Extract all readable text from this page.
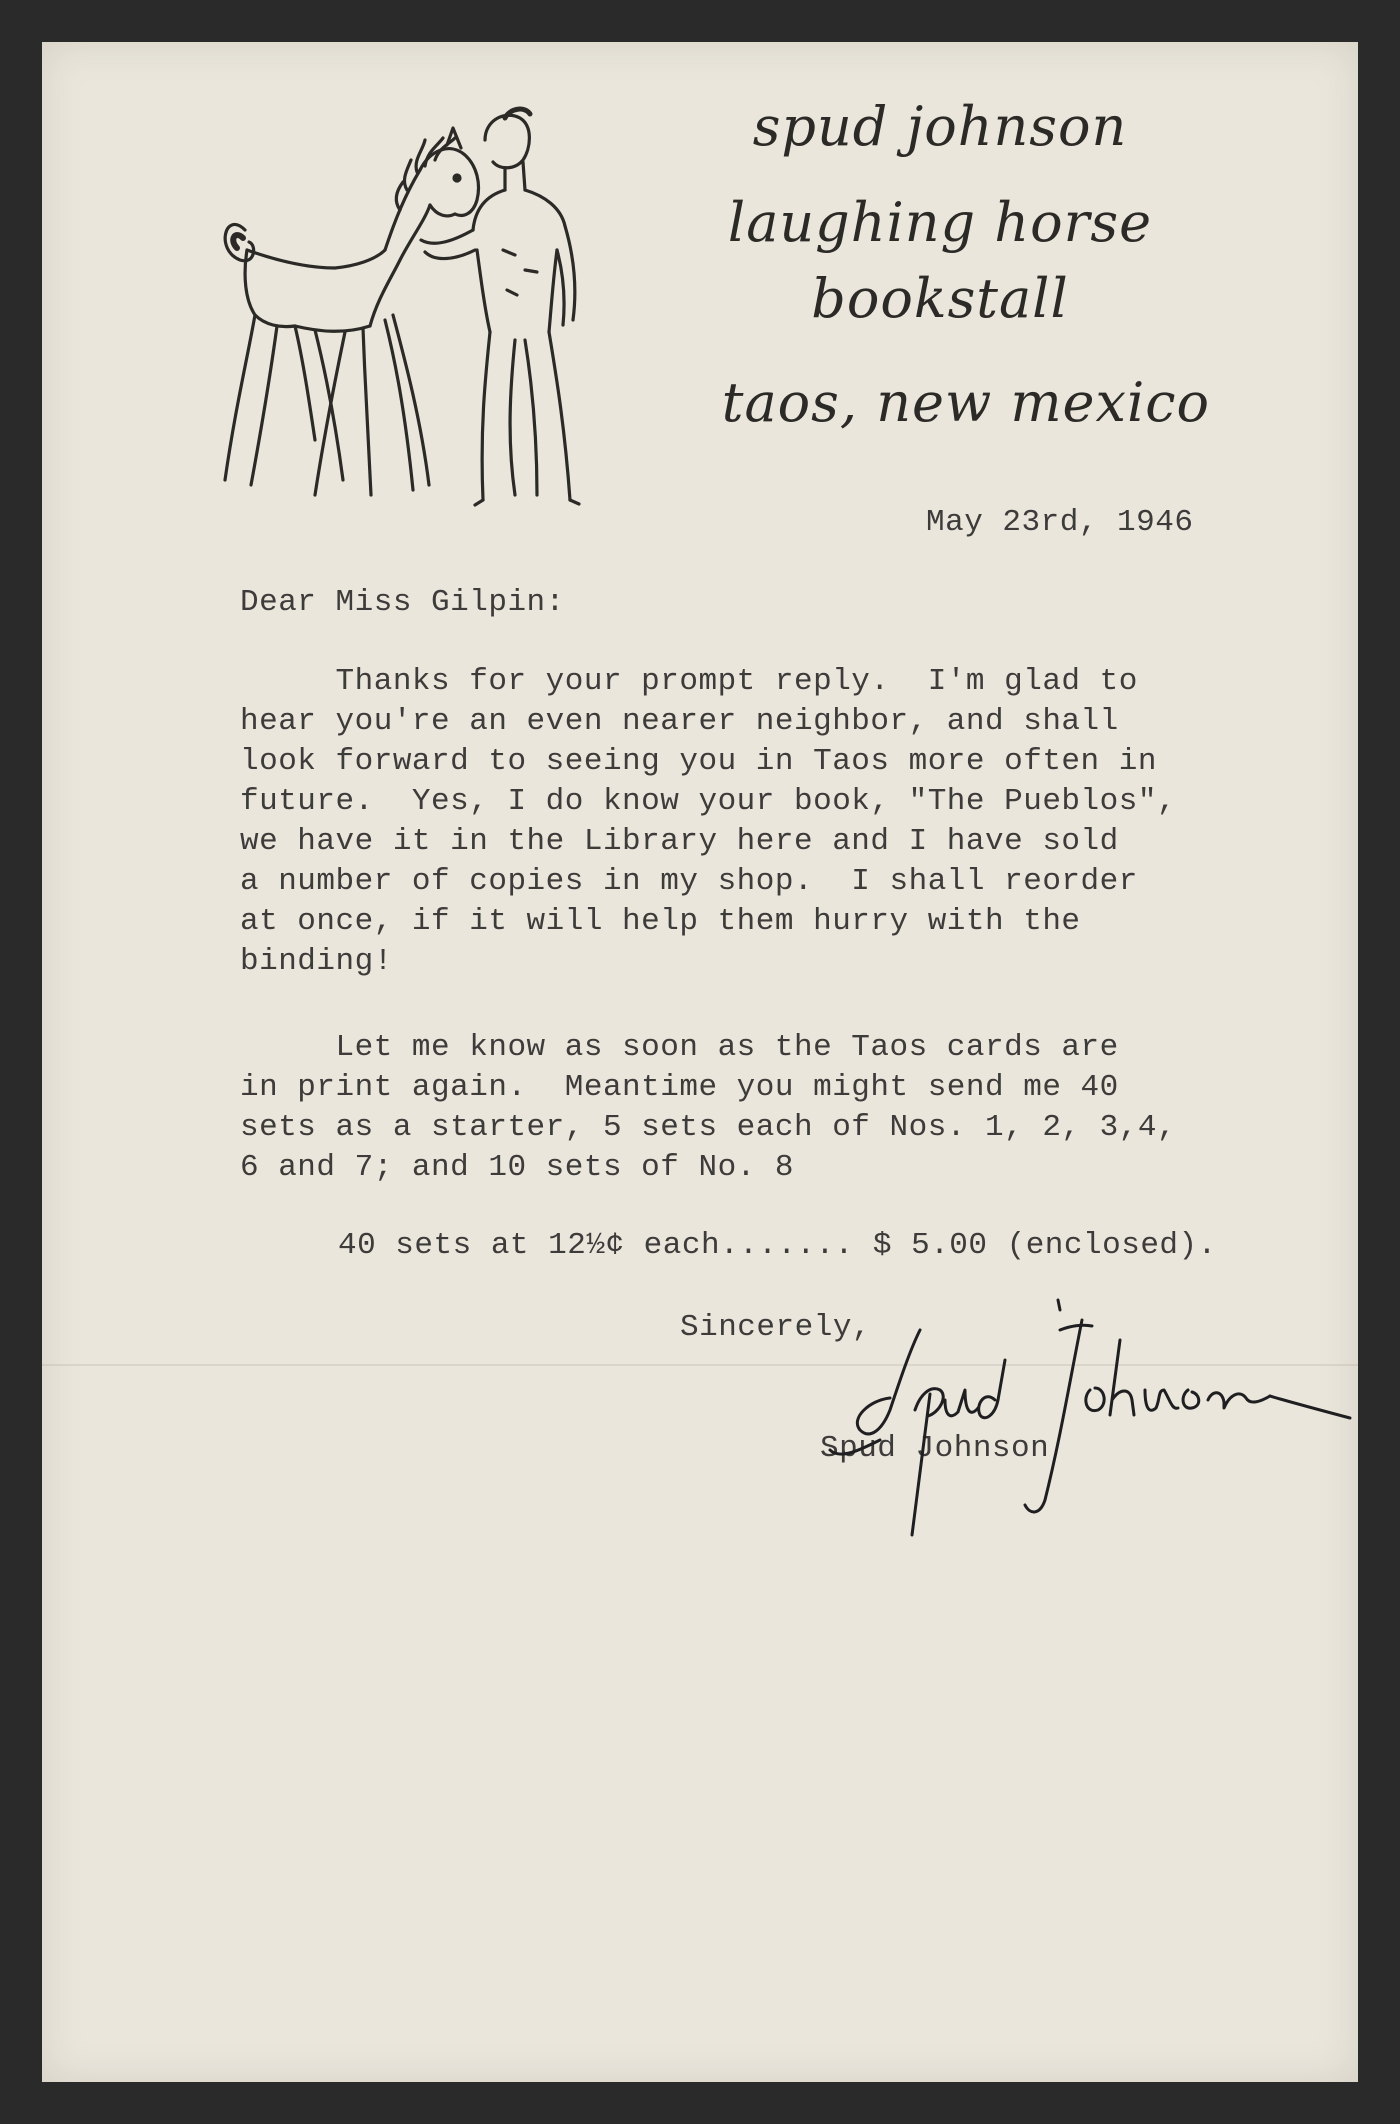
spud johnson
laughing horse
bookstall
taos, new mexico
May 23rd, 1946
Dear Miss Gilpin:
Thanks for your prompt reply.  I'm glad to
hear you're an even nearer neighbor, and shall
look forward to seeing you in Taos more often in
future.  Yes, I do know your book, "The Pueblos",
we have it in the Library here and I have sold
a number of copies in my shop.  I shall reorder
at once, if it will help them hurry with the
binding!
Let me know as soon as the Taos cards are
in print again.  Meantime you might send me 40
sets as a starter, 5 sets each of Nos. 1, 2, 3,4,
6 and 7; and 10 sets of No. 8
40 sets at 12½¢ each....... $ 5.00 (enclosed).
Sincerely,
Spud Johnson
